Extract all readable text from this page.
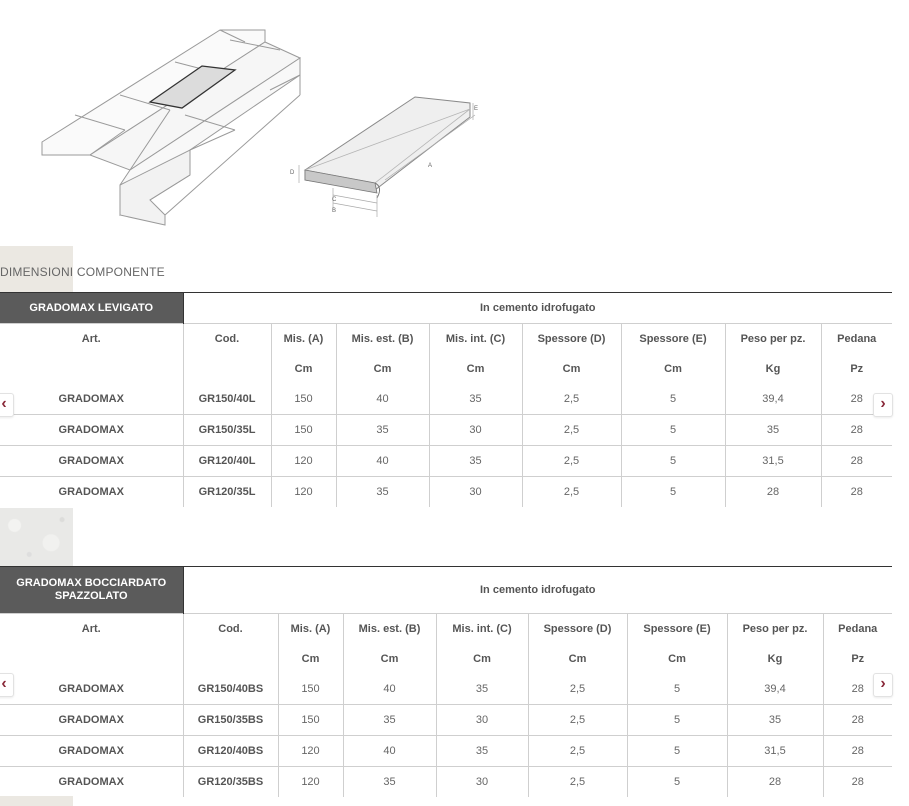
A
B
C
D
E
DIMENSIONI COMPONENTE
GRADOMAX LEVIGATO	In cemento idrofugato							
Art.	Cod.	Mis. (A)	Mis. est. (B)	Mis. int. (C)	Spessore (D)	Spessore (E)	Peso per pz.	Pedana
		Cm	Cm	Cm	Cm	Cm	Kg	Pz
GRADOMAX	GR150/40L	150	40	35	2,5	5	39,4	28
GRADOMAX	GR150/35L	150	35	30	2,5	5	35	28
GRADOMAX	GR120/40L	120	40	35	2,5	5	31,5	28
GRADOMAX	GR120/35L	120	35	30	2,5	5	28	28
‹	›
GRADOMAX BOCCIARDATO
SPAZZOLATO	In cemento idrofugato							
Art.	Cod.	Mis. (A)	Mis. est. (B)	Mis. int. (C)	Spessore (D)	Spessore (E)	Peso per pz.	Pedana
		Cm	Cm	Cm	Cm	Cm	Kg	Pz
GRADOMAX	GR150/40BS	150	40	35	2,5	5	39,4	28
GRADOMAX	GR150/35BS	150	35	30	2,5	5	35	28
GRADOMAX	GR120/40BS	120	40	35	2,5	5	31,5	28
GRADOMAX	GR120/35BS	120	35	30	2,5	5	28	28
‹	›
